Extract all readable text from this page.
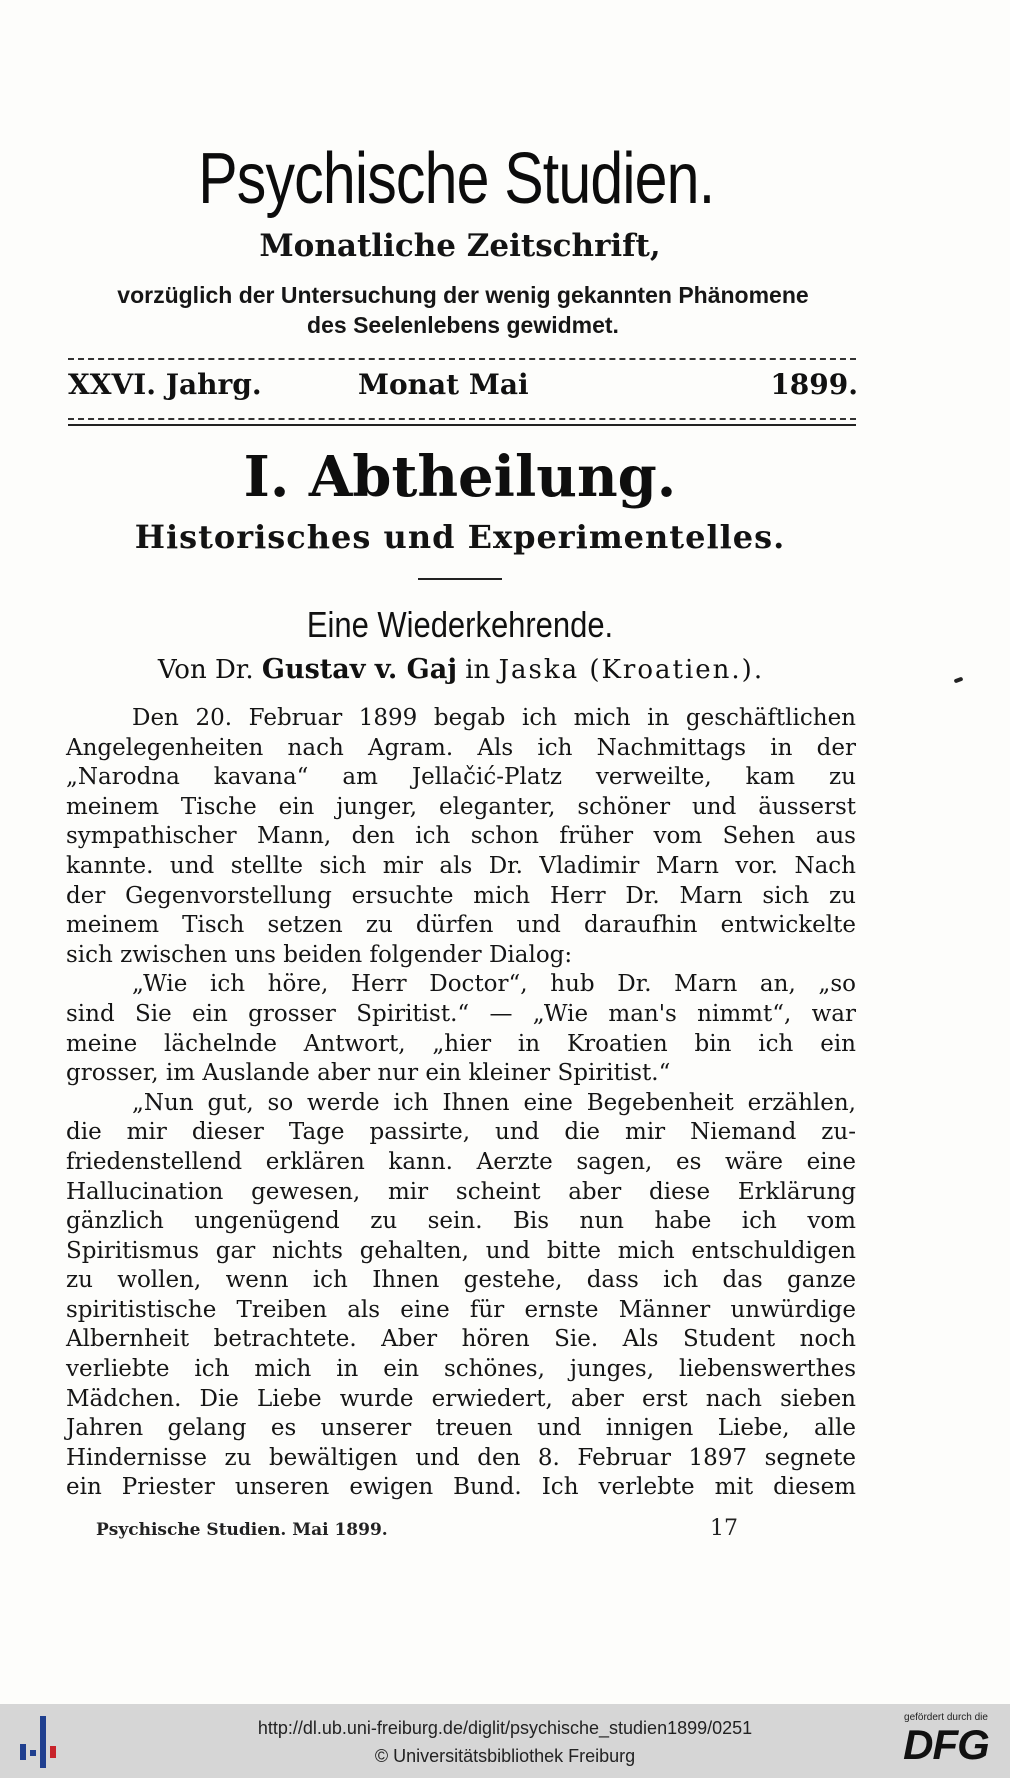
Psychische Studien.
Monatliche Zeitschrift,
vorzüglich der Untersuchung der wenig gekannten Phänomene
des Seelenlebens gewidmet.
XXVI. Jahrg.	Monat Mai	1899.
I. Abtheilung.
Historisches und Experimentelles.
Eine Wiederkehrende.
Von Dr. Gustav v. Gaj in Jaska (Kroatien.).
Den 20. Februar 1899 begab ich mich in geschäftlichen
Angelegenheiten nach Agram. Als ich Nachmittags in der
„Narodna kavana“ am Jellačić-Platz verweilte, kam zu
meinem Tische ein junger, eleganter, schöner und äusserst
sympathischer Mann, den ich schon früher vom Sehen aus
kannte. und stellte sich mir als Dr. Vladimir Marn vor. Nach
der Gegenvorstellung ersuchte mich Herr Dr. Marn sich zu
meinem Tisch setzen zu dürfen und daraufhin entwickelte
sich zwischen uns beiden folgender Dialog:
„Wie ich höre, Herr Doctor“, hub Dr. Marn an, „so
sind Sie ein grosser Spiritist.“ — „Wie man's nimmt“, war
meine lächelnde Antwort, „hier in Kroatien bin ich ein
grosser, im Auslande aber nur ein kleiner Spiritist.“
„Nun gut, so werde ich Ihnen eine Begebenheit erzählen,
die mir dieser Tage passirte, und die mir Niemand zu-
friedenstellend erklären kann. Aerzte sagen, es wäre eine
Hallucination gewesen, mir scheint aber diese Erklärung
gänzlich ungenügend zu sein. Bis nun habe ich vom
Spiritismus gar nichts gehalten, und bitte mich entschuldigen
zu wollen, wenn ich Ihnen gestehe, dass ich das ganze
spiritistische Treiben als eine für ernste Männer unwürdige
Albernheit betrachtete. Aber hören Sie. Als Student noch
verliebte ich mich in ein schönes, junges, liebenswerthes
Mädchen. Die Liebe wurde erwiedert, aber erst nach sieben
Jahren gelang es unserer treuen und innigen Liebe, alle
Hindernisse zu bewältigen und den 8. Februar 1897 segnete
ein Priester unseren ewigen Bund. Ich verlebte mit diesem
Psychische Studien. Mai 1899.	17
http://dl.ub.uni-freiburg.de/diglit/psychische_studien1899/0251
© Universitätsbibliothek Freiburg
gefördert durch die
DFG
